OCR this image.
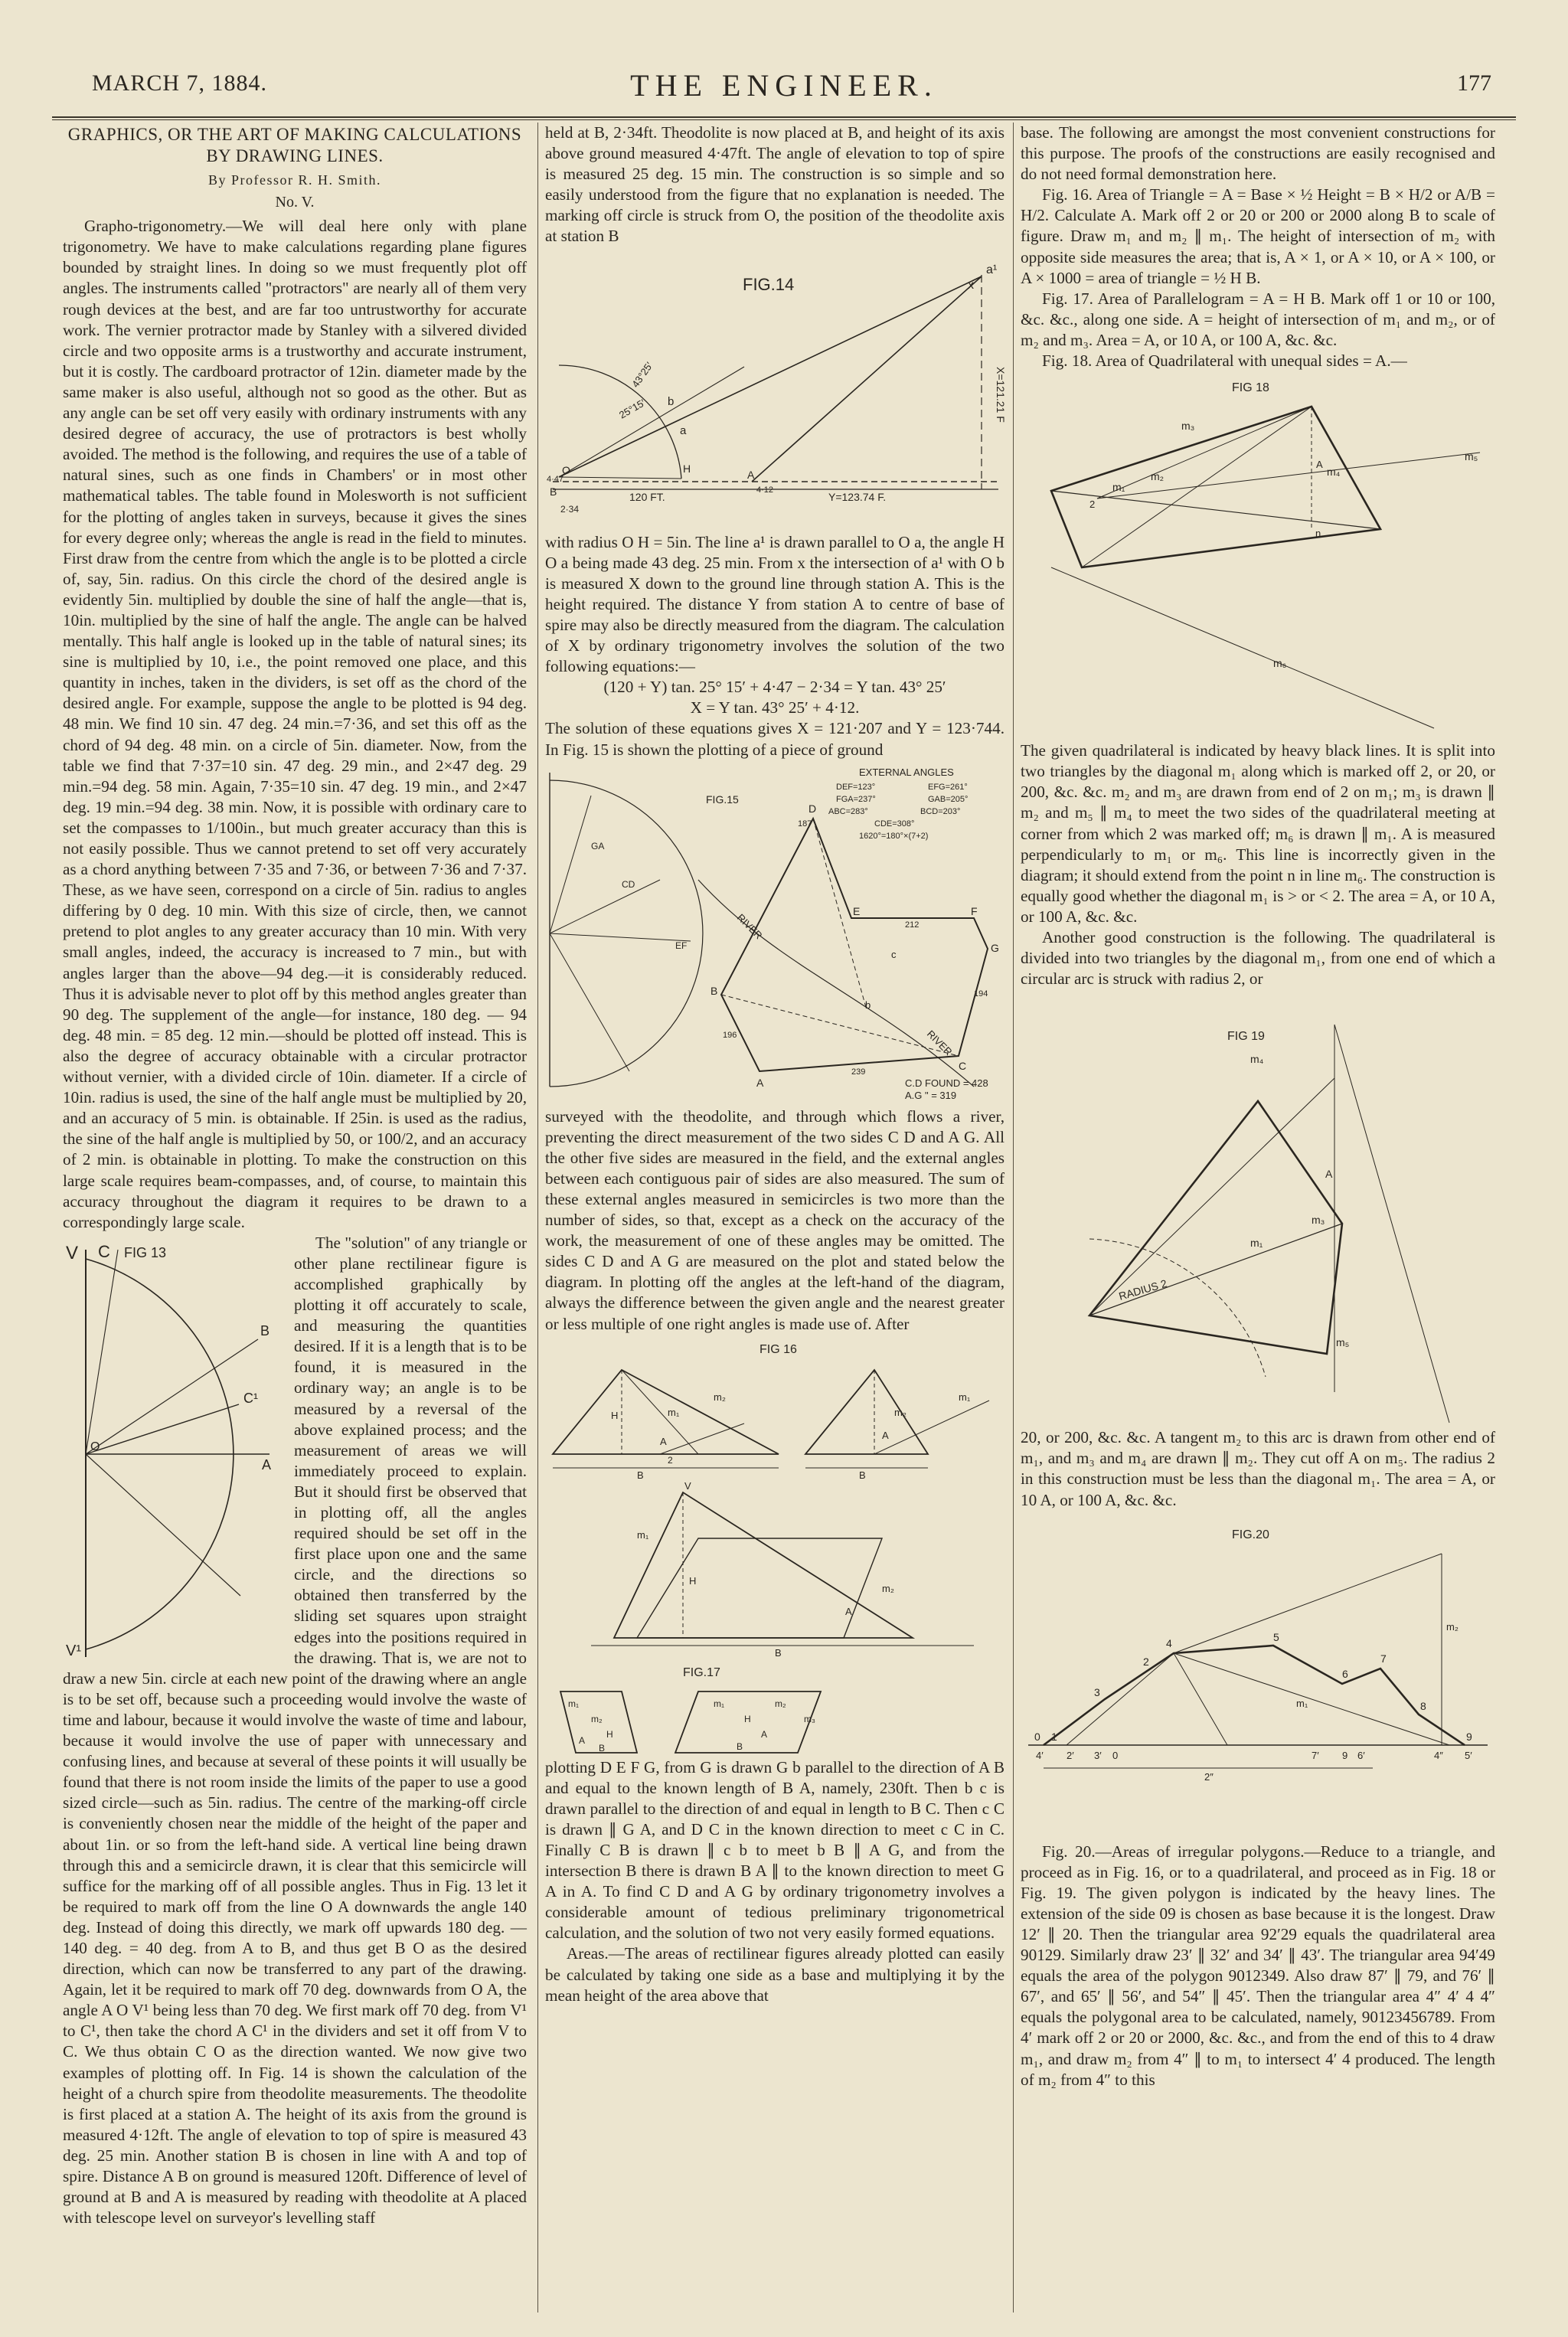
MARCH 7, 1884.	THE ENGINEER.	177
GRAPHICS, OR THE ART OF MAKING CALCULATIONS BY DRAWING LINES.
By Professor R. H. Smith.
No. V.

Grapho-trigonometry.—We will deal here only with plane trigonometry. We have to make calculations regarding plane figures bounded by straight lines. In doing so we must frequently plot off angles. The instruments called "protractors" are nearly all of them very rough devices at the best, and are far too untrustworthy for accurate work. The vernier protractor made by Stanley with a silvered divided circle and two opposite arms is a trustworthy and accurate instrument, but it is costly. The cardboard protractor of 12in. diameter made by the same maker is also useful, although not so good as the other. But as any angle can be set off very easily with ordinary instruments with any desired degree of accuracy, the use of protractors is best wholly avoided. The method is the following, and requires the use of a table of natural sines, such as one finds in Chambers' or in most other mathematical tables. The table found in Molesworth is not sufficient for the plotting of angles taken in surveys, because it gives the sines for every degree only; whereas the angle is read in the field to minutes. First draw from the centre from which the angle is to be plotted a circle of, say, 5in. radius. On this circle the chord of the desired angle is evidently 5in. multiplied by double the sine of half the angle—that is, 10in. multiplied by the sine of half the angle. The angle can be halved mentally. This half angle is looked up in the table of natural sines; its sine is multiplied by 10, i.e., the point removed one place, and this quantity in inches, taken in the dividers, is set off as the chord of the desired angle. For example, suppose the angle to be plotted is 94 deg. 48 min. We find 10 sin. 47 deg. 24 min.=7·36, and set this off as the chord of 94 deg. 48 min. on a circle of 5in. diameter. Now, from the table we find that 7·37=10 sin. 47 deg. 29 min., and 2×47 deg. 29 min.=94 deg. 58 min. Again, 7·35=10 sin. 47 deg. 19 min., and 2×47 deg. 19 min.=94 deg. 38 min. Now, it is possible with ordinary care to set the compasses to 1/100in., but much greater accuracy than this is not easily possible. Thus we cannot pretend to set off very accurately as a chord anything between 7·35 and 7·36, or between 7·36 and 7·37. These, as we have seen, correspond on a circle of 5in. radius to angles differing by 0 deg. 10 min. With this size of circle, then, we cannot pretend to plot angles to any greater accuracy than 10 min. With very small angles, indeed, the accuracy is increased to 7 min., but with angles larger than the above—94 deg.—it is considerably reduced. Thus it is advisable never to plot off by this method angles greater than 90 deg. The supplement of the angle—for instance, 180 deg. — 94 deg. 48 min. = 85 deg. 12 min.—should be plotted off instead. This is also the degree of accuracy obtainable with a circular protractor without vernier, with a divided circle of 10in. diameter. If a circle of 10in. radius is used, the sine of the half angle must be multiplied by 20, and an accuracy of 5 min. is obtainable. If 25in. is used as the radius, the sine of the half angle is multiplied by 50, or 100/2, and an accuracy of 2 min. is obtainable in plotting. To make the construction on this large scale requires beam-compasses, and, of course, to maintain this accuracy throughout the diagram it requires to be drawn to a correspondingly large scale.

V C FIG 13
B
C¹
A
O
V¹

The "solution" of any triangle or other plane rectilinear figure is accomplished graphically by plotting it off accurately to scale, and measuring the quantities desired. If it is a length that is to be found, it is measured in the ordinary way; an angle is to be measured by a reversal of the above explained process; and the measurement of areas we will immediately proceed to explain. But it should first be observed that in plotting off, all the angles required should be set off in the first place upon one and the same circle, and the directions so obtained then transferred by the sliding set squares upon straight edges into the positions required in the drawing. That is, we are not to draw a new 5in. circle at each new point of the drawing where an angle is to be set off, because such a proceeding would involve the waste of time and labour, because it would involve the waste of time and labour, because it would involve the use of paper with unnecessary and confusing lines, and because at several of these points it will usually be found that there is not room inside the limits of the paper to use a good sized circle—such as 5in. radius. The centre of the marking-off circle is conveniently chosen near the middle of the height of the paper and about 1in. or so from the left-hand side. A vertical line being drawn through this and a semicircle drawn, it is clear that this semicircle will suffice for the marking off of all possible angles. Thus in Fig. 13 let it be required to mark off from the line O A downwards the angle 140 deg. Instead of doing this directly, we mark off upwards 180 deg. — 140 deg. = 40 deg. from A to B, and thus get B O as the desired direction, which can now be transferred to any part of the drawing. Again, let it be required to mark off 70 deg. downwards from O A, the angle A O V¹ being less than 70 deg. We first mark off 70 deg. from V¹ to C¹, then take the chord A C¹ in the dividers and set it off from V to C. We thus obtain C O as the direction wanted. We now give two examples of plotting off. In Fig. 14 is shown the calculation of the height of a church spire from theodolite measurements. The theodolite is first placed at a station A. The height of its axis from the ground is measured 4·12ft. The angle of elevation to top of spire is measured 43 deg. 25 min. Another station B is chosen in line with A and top of spire. Distance A B on ground is measured 120ft. Difference of level of ground at B and A is measured by reading with theodolite at A placed with telescope level on surveyor's levelling staff

held at B, 2·34ft. Theodolite is now placed at B, and height of its axis above ground measured 4·47ft. The angle of elevation to top of spire is measured 25 deg. 15 min. The construction is so simple and so easily understood from the figure that no explanation is needed. The marking off circle is struck from O, the position of the theodolite axis at station B

FIG.14
a¹
x
X=121.21 F
b
a
H
O
B
A
25°15′
43°25′
120 FT.	Y=123.74 F.
4·47
4·12
2·34

with radius O H = 5in. The line a¹ is drawn parallel to O a, the angle H O a being made 43 deg. 25 min. From x the intersection of a¹ with O b is measured X down to the ground line through station A. This is the height required. The distance Y from station A to centre of base of spire may also be directly measured from the diagram. The calculation of X by ordinary trigonometry involves the solution of the two following equations:—

(120 + Y) tan. 25° 15′ + 4·47 − 2·34 = Y tan. 43° 25′

X = Y tan. 43° 25′ + 4·12.

The solution of these equations gives X = 121·207 and Y = 123·744. In Fig. 15 is shown the plotting of a piece of ground

EXTERNAL ANGLES
DEF=123°	EFG=261°
FGA=237°	GAB=205°
ABC=283°	BCD=203°
CDE=308°
1620°=180°×(7+2)
FIG.15
A
B
C
D
E	F
G
b
c
RIVER
RIVER
212
194
196
239
187
EF
GA
CD
C.D FOUND = 428
A.G " = 319

surveyed with the theodolite, and through which flows a river, preventing the direct measurement of the two sides C D and A G. All the other five sides are measured in the field, and the external angles between each contiguous pair of sides are also measured. The sum of these external angles measured in semicircles is two more than the number of sides, so that, except as a check on the accuracy of the work, the measurement of one of these angles may be omitted. The sides C D and A G are measured on the plot and stated below the diagram. In plotting off the angles at the left-hand of the diagram, always the difference between the given angle and the nearest greater or less multiple of one right angles is made use of. After

FIG 16
m₂
m₁
H
A
2
B
A
m₂
m₁
B
V
m₁
m₂
H
A
B
FIG.17
m₁
m₂
H
A
B
m₁	m₂
H	m₃
A
B

plotting D E F G, from G is drawn G b parallel to the direction of A B and equal to the known length of B A, namely, 230ft. Then b c is drawn parallel to the direction of and equal in length to B C. Then c C is drawn ∥ G A, and D C in the known direction to meet c C in C. Finally C B is drawn ∥ c b to meet b B ∥ A G, and from the intersection B there is drawn B A ∥ to the known direction to meet G A in A. To find C D and A G by ordinary trigonometry involves a considerable amount of tedious preliminary trigonometrical calculation, and the solution of two not very easily formed equations.

Areas.—The areas of rectilinear figures already plotted can easily be calculated by taking one side as a base and multiplying it by the mean height of the area above that

base. The following are amongst the most convenient constructions for this purpose. The proofs of the constructions are easily recognised and do not need formal demonstration here.

Fig. 16. Area of Triangle = A = Base × ½ Height = B × H/2 or A/B = H/2. Calculate A. Mark off 2 or 20 or 200 or 2000 along B to scale of figure. Draw m₁ and m₂ ∥ m₁. The height of intersection of m₂ with opposite side measures the area; that is, A × 1, or A × 10, or A × 100, or A × 1000 = area of triangle = ½ H B.

Fig. 17. Area of Parallelogram = A = H B. Mark off 1 or 10 or 100, &c. &c., along one side. A = height of intersection of m₁ and m₂, or of m₂ and m₃. Area = A, or 10 A, or 100 A, &c. &c.

Fig. 18. Area of Quadrilateral with unequal sides = A.—

FIG 18
m₃
m₂
m₁
m₄
m₅
m₆
n
A
2

The given quadrilateral is indicated by heavy black lines. It is split into two triangles by the diagonal m₁ along which is marked off 2, or 20, or 200, &c. &c. m₂ and m₃ are drawn from end of 2 on m₁; m₃ is drawn ∥ m₂ and m₅ ∥ m₄ to meet the two sides of the quadrilateral meeting at corner from which 2 was marked off; m₆ is drawn ∥ m₁. A is measured perpendicularly to m₁ or m₆. This line is incorrectly given in the diagram; it should extend from the point n in line m₆. The construction is equally good whether the diagonal m₁ is > or < 2. The area = A, or 10 A, or 100 A, &c. &c.

Another good construction is the following. The quadrilateral is divided into two triangles by the diagonal m₁, from one end of which a circular arc is struck with radius 2, or

FIG 19
A
m₁
m₃
m₄
m₅
RADIUS 2

20, or 200, &c. &c. A tangent m₂ to this arc is drawn from other end of m₁, and m₃ and m₄ are drawn ∥ m₂. They cut off A on m₅. The radius 2 in this construction must be less than the diagonal m₁. The area = A, or 10 A, or 100 A, &c. &c.

FIG.20
4
3
2
5
6
7
8
9
1
0
4′ 2′ 3′ 0	7′ 9 6′	4″ 5′
m₁
m₂
2″

Fig. 20.—Areas of irregular polygons.—Reduce to a triangle, and proceed as in Fig. 16, or to a quadrilateral, and proceed as in Fig. 18 or Fig. 19. The given polygon is indicated by the heavy lines. The extension of the side 09 is chosen as base because it is the longest. Draw 12′ ∥ 20. Then the triangular area 92′29 equals the quadrilateral area 90129. Similarly draw 23′ ∥ 32′ and 34′ ∥ 43′. The triangular area 94′49 equals the area of the polygon 9012349. Also draw 87′ ∥ 79, and 76′ ∥ 67′, and 65′ ∥ 56′, and 54″ ∥ 45′. Then the triangular area 4″ 4′ 4 4″ equals the polygonal area to be calculated, namely, 90123456789. From 4′ mark off 2 or 20 or 2000, &c. &c., and from the end of this to 4 draw m₁, and draw m₂ from 4″ ∥ to m₁ to intersect 4′ 4 produced. The length of m₂ from 4″ to this
